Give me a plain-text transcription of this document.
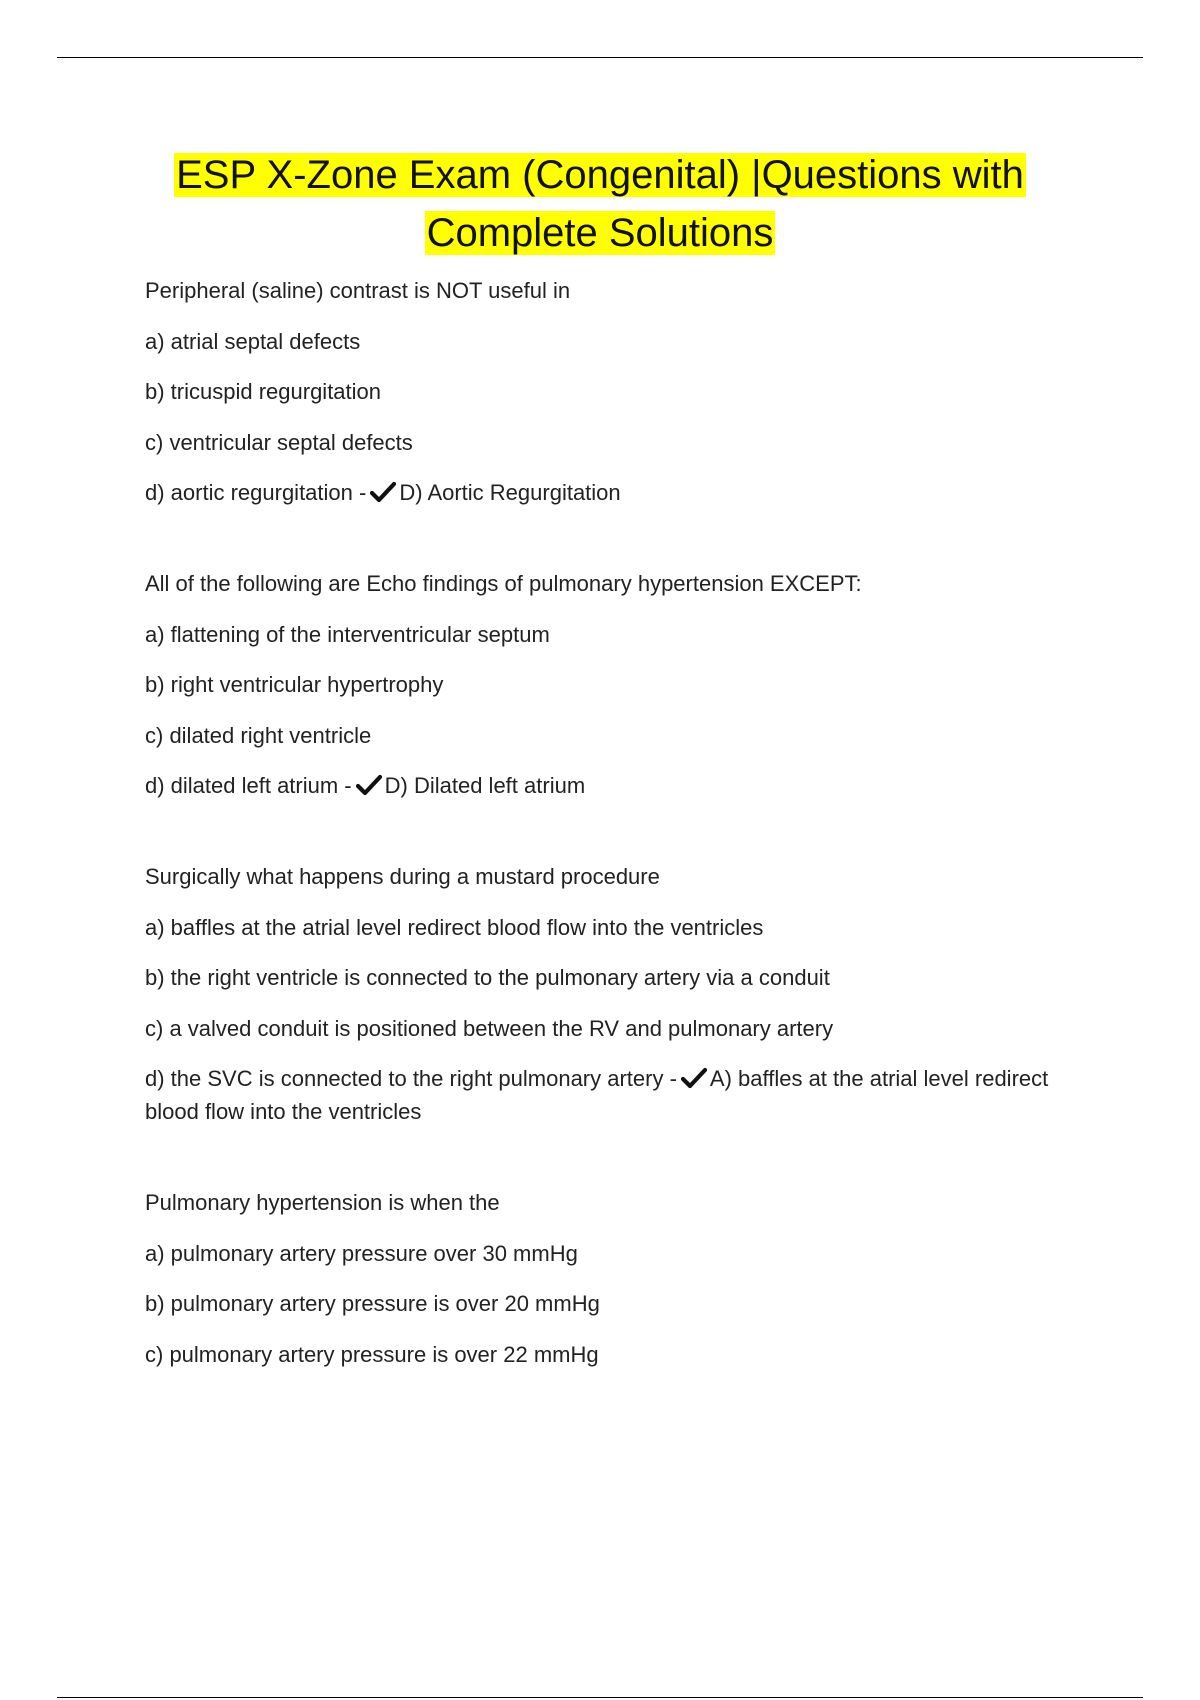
ESP X-Zone Exam (Congenital) |Questions with
Complete Solutions

Peripheral (saline) contrast is NOT useful in

a) atrial septal defects

b) tricuspid regurgitation

c) ventricular septal defects

d) aortic regurgitation - D) Aortic Regurgitation

All of the following are Echo findings of pulmonary hypertension EXCEPT:

a) flattening of the interventricular septum

b) right ventricular hypertrophy

c) dilated right ventricle

d) dilated left atrium - D) Dilated left atrium

Surgically what happens during a mustard procedure

a) baffles at the atrial level redirect blood flow into the ventricles

b) the right ventricle is connected to the pulmonary artery via a conduit

c) a valved conduit is positioned between the RV and pulmonary artery

d) the SVC is connected to the right pulmonary artery - A) baffles at the atrial level redirect blood flow into the ventricles

Pulmonary hypertension is when the

a) pulmonary artery pressure over 30 mmHg

b) pulmonary artery pressure is over 20 mmHg

c) pulmonary artery pressure is over 22 mmHg
